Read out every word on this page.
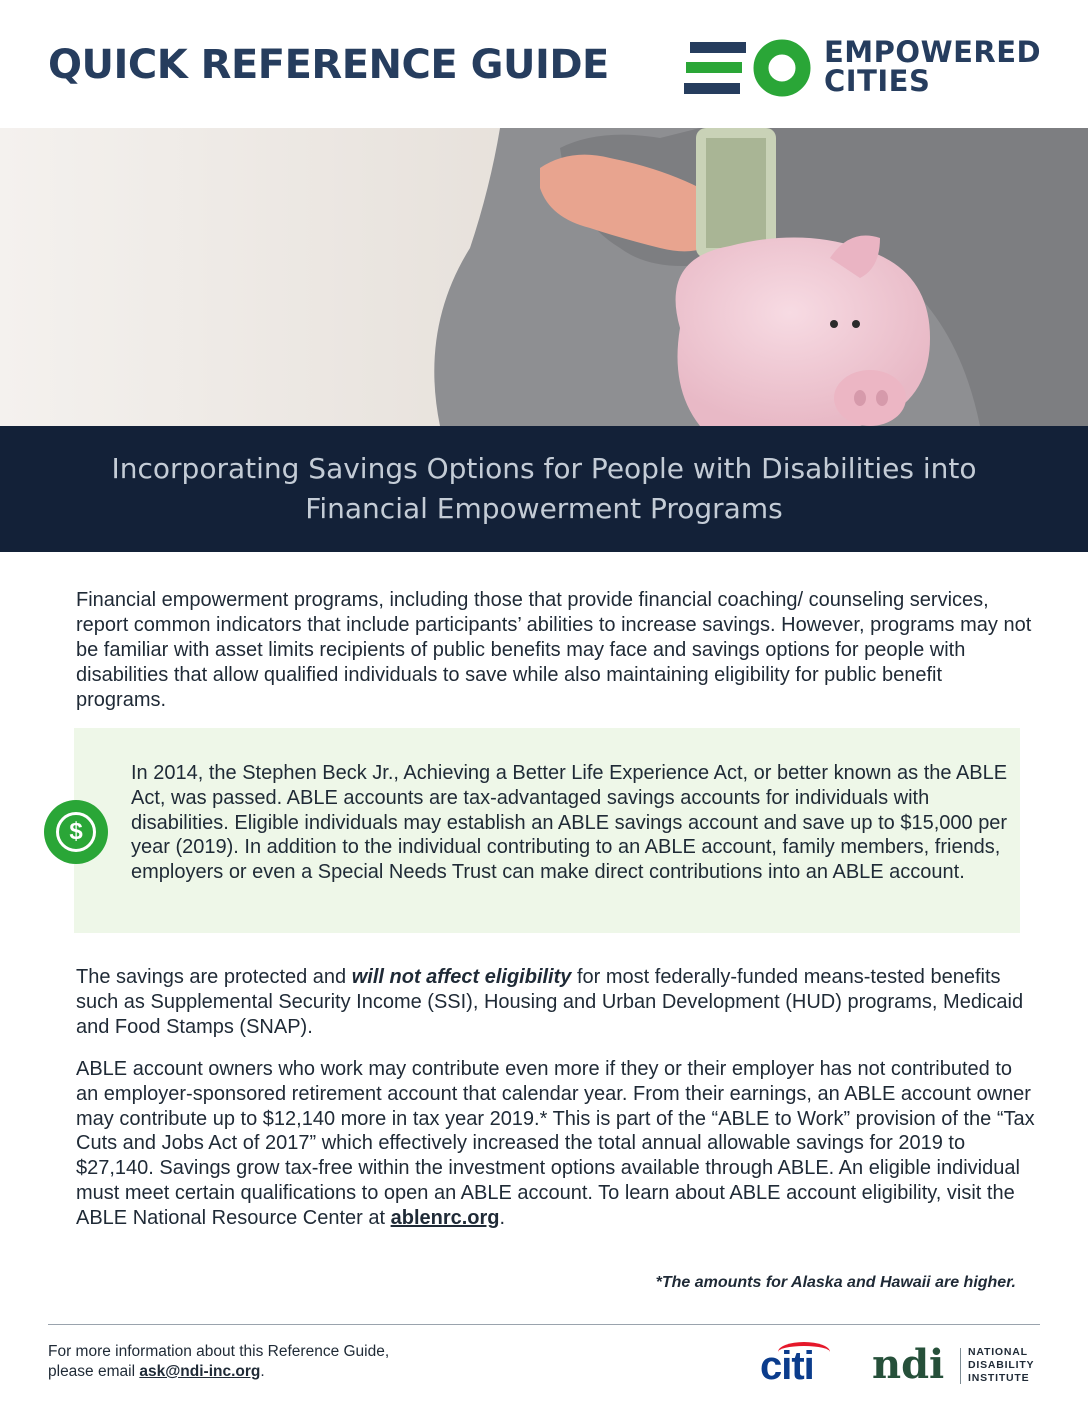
QUICK REFERENCE GUIDE	EMPOWERED
CITIES
Incorporating Savings Options for People with Disabilities into
Financial Empowerment Programs

Financial empowerment programs, including those that provide financial coaching/ counseling services, report common indicators that include participants’ abilities to increase savings. However, programs may not be familiar with asset limits recipients of public benefits may face and savings options for people with disabilities that allow qualified individuals to save while also maintaining eligibility for public benefit programs.

$

In 2014, the Stephen Beck Jr., Achieving a Better Life Experience Act, or better known as the ABLE Act, was passed. ABLE accounts are tax-advantaged savings accounts for individuals with disabilities. Eligible individuals may establish an ABLE savings account and save up to $15,000 per year (2019). In addition to the individual contributing to an ABLE account, family members, friends, employers or even a Special Needs Trust can make direct contributions into an ABLE account.

The savings are protected and will not affect eligibility for most federally-funded means-tested benefits such as Supplemental Security Income (SSI), Housing and Urban Development (HUD) programs, Medicaid and Food Stamps (SNAP).

ABLE account owners who work may contribute even more if they or their employer has not contributed to an employer-sponsored retirement account that calendar year. From their earnings, an ABLE account owner may contribute up to $12,140 more in tax year 2019.* This is part of the “ABLE to Work” provision of the “Tax Cuts and Jobs Act of 2017” which effectively increased the total annual allowable savings for 2019 to $27,140. Savings grow tax-free within the investment options available through ABLE. An eligible individual must meet certain qualifications to open an ABLE account. To learn about ABLE account eligibility, visit the ABLE National Resource Center at ablenrc.org.

*The amounts for Alaska and Hawaii are higher.

For more information about this Reference Guide,
please email ask@ndi-inc.org.	citi ndi NATIONAL
DISABILITY
INSTITUTE
